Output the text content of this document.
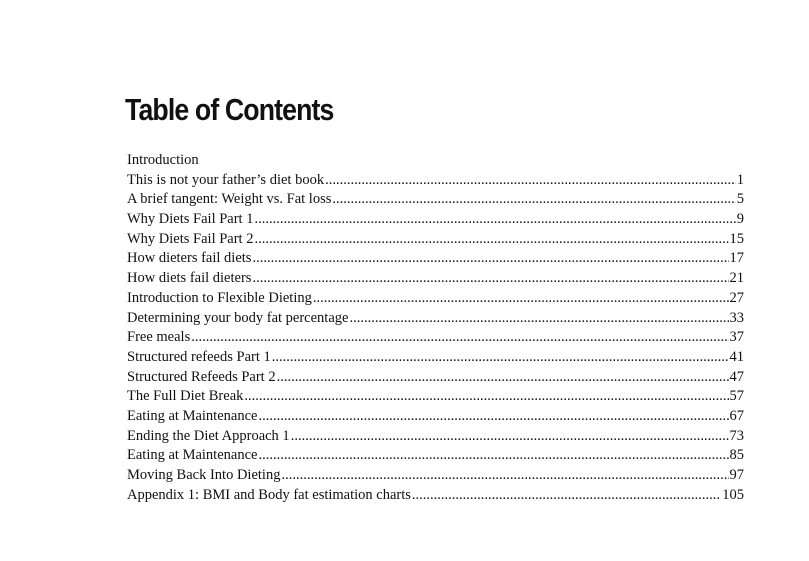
Table of Contents
Introduction
This is not your father’s diet book .....	1
A brief tangent: Weight vs. Fat loss .....	5
Why Diets Fail Part 1 .....	9
Why Diets Fail Part 2 .....	15
How dieters fail diets .....	17
How diets fail dieters .....	21
Introduction to Flexible Dieting .....	27
Determining your body fat percentage .....	33
Free meals .....	37
Structured refeeds Part 1 .....	41
Structured Refeeds Part 2 .....	47
The Full Diet Break .....	57
Eating at Maintenance .....	67
Ending the Diet Approach 1 .....	73
Eating at Maintenance .....	85
Moving Back Into Dieting .....	97
Appendix 1: BMI and Body fat estimation charts .....	105
